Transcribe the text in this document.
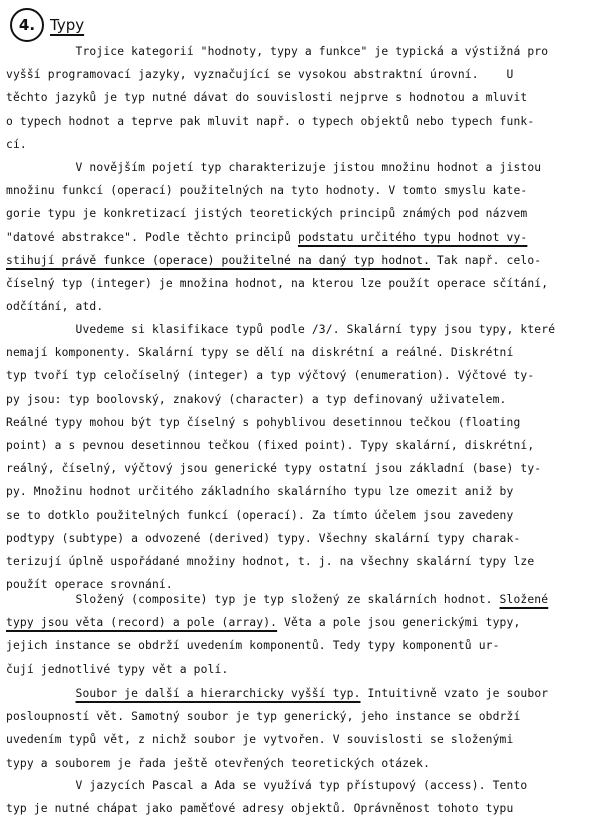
4. Typy
Trojice kategorií "hodnoty, typy a funkce" je typická a výstižná pro
vyšší programovací jazyky, vyznačující se vysokou abstraktní úrovní.    U
těchto jazyků je typ nutné dávat do souvislosti nejprve s hodnotou a mluvit
o typech hodnot a teprve pak mluvit např. o typech objektů nebo typech funk-
cí.
V novějším pojetí typ charakterizuje jistou množinu hodnot a jistou
množinu funkcí (operací) použitelných na tyto hodnoty. V tomto smyslu kate-
gorie typu je konkretizací jistých teoretických principů známých pod názvem
"datové abstrakce". Podle těchto principů podstatu určitého typu hodnot vy-
stihují právě funkce (operace) použitelné na daný typ hodnot. Tak např. celo-
číselný typ (integer) je množina hodnot, na kterou lze použít operace sčítání,
odčítání, atd.
Uvedeme si klasifikace typů podle /3/. Skalární typy jsou typy, které
nemají komponenty. Skalární typy se dělí na diskrétní a reálné. Diskrétní
typ tvoří typ celočíselný (integer) a typ výčtový (enumeration). Výčtové ty-
py jsou: typ boolovský, znakový (character) a typ definovaný uživatelem.
Reálné typy mohou být typ číselný s pohyblivou desetinnou tečkou (floating
point) a s pevnou desetinnou tečkou (fixed point). Typy skalární, diskrétní,
reálný, číselný, výčtový jsou generické typy ostatní jsou základní (base) ty-
py. Množinu hodnot určitého základního skalárního typu lze omezit aniž by
se to dotklo použitelných funkcí (operací). Za tímto účelem jsou zavedeny
podtypy (subtype) a odvozené (derived) typy. Všechny skalární typy charak-
terizují úplně uspořádané množiny hodnot, t. j. na všechny skalární typy lze
použít operace srovnání.
Složený (composite) typ je typ složený ze skalárních hodnot. Složené
typy jsou věta (record) a pole (array). Věta a pole jsou generickými typy,
jejich instance se obdrží uvedením komponentů. Tedy typy komponentů ur-
čují jednotlivé typy vět a polí.
Soubor je další a hierarchicky vyšší typ. Intuitivně vzato je soubor
posloupností vět. Samotný soubor je typ generický, jeho instance se obdrží
uvedením typů vět, z nichž soubor je vytvořen. V souvislosti se složenými
typy a souborem je řada ještě otevřených teoretických otázek.
V jazycích Pascal a Ada se využívá typ přístupový (access). Tento
typ je nutné chápat jako paměťové adresy objektů. Oprávněnost tohoto typu
